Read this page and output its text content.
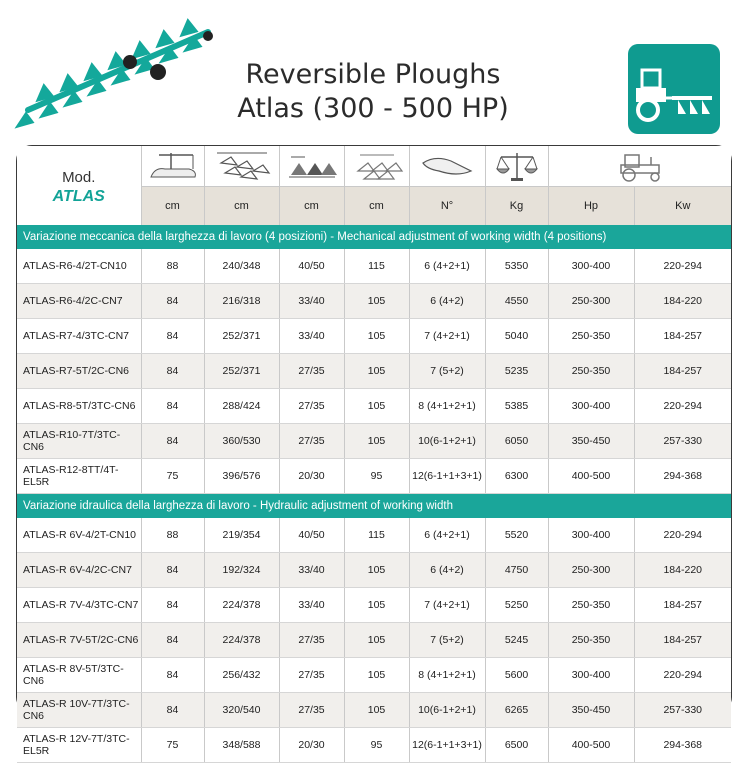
Reversible Ploughs
Atlas (300 - 500 HP)
Mod.
ATLAS

	cm	cm	cm	cm	N°	Kg	Hp	Kw
Variazione meccanica della larghezza di lavoro (4 posizioni) - Mechanical adjustment of working width (4 positions)								
ATLAS-R6-4/2T-CN10	88	240/348	40/50	115	6 (4+2+1)	5350	300-400	220-294
ATLAS-R6-4/2C-CN7	84	216/318	33/40	105	6 (4+2)	4550	250-300	184-220
ATLAS-R7-4/3TC-CN7	84	252/371	33/40	105	7 (4+2+1)	5040	250-350	184-257
ATLAS-R7-5T/2C-CN6	84	252/371	27/35	105	7 (5+2)	5235	250-350	184-257
ATLAS-R8-5T/3TC-CN6	84	288/424	27/35	105	8 (4+1+2+1)	5385	300-400	220-294
ATLAS-R10-7T/3TC-CN6	84	360/530	27/35	105	10(6-1+2+1)	6050	350-450	257-330
ATLAS-R12-8TT/4T-EL5R	75	396/576	20/30	95	12(6-1+1+3+1)	6300	400-500	294-368
Variazione idraulica della larghezza di lavoro - Hydraulic adjustment of working width								
ATLAS-R 6V-4/2T-CN10	88	219/354	40/50	115	6 (4+2+1)	5520	300-400	220-294
ATLAS-R 6V-4/2C-CN7	84	192/324	33/40	105	6 (4+2)	4750	250-300	184-220
ATLAS-R 7V-4/3TC-CN7	84	224/378	33/40	105	7 (4+2+1)	5250	250-350	184-257
ATLAS-R 7V-5T/2C-CN6	84	224/378	27/35	105	7 (5+2)	5245	250-350	184-257
ATLAS-R 8V-5T/3TC-CN6	84	256/432	27/35	105	8 (4+1+2+1)	5600	300-400	220-294
ATLAS-R 10V-7T/3TC-CN6	84	320/540	27/35	105	10(6-1+2+1)	6265	350-450	257-330
ATLAS-R 12V-7T/3TC-EL5R	75	348/588	20/30	95	12(6-1+1+3+1)	6500	400-500	294-368
